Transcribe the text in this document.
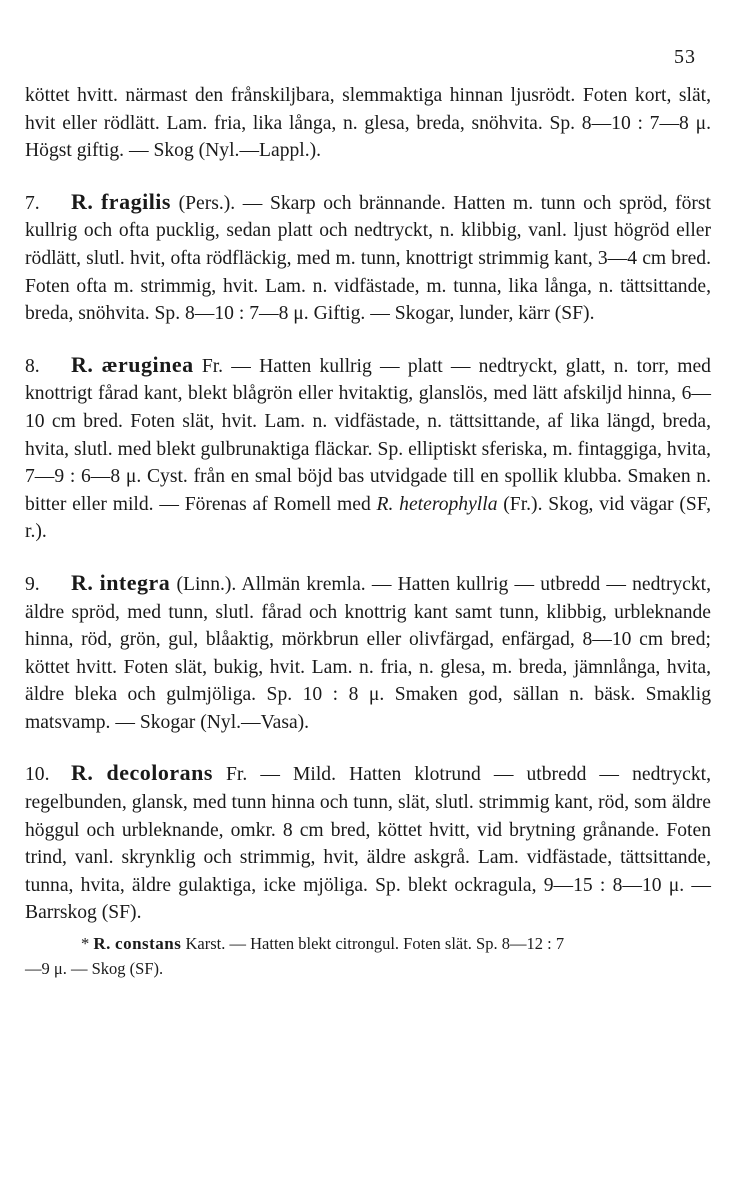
53

köttet hvitt. närmast den frånskiljbara, slemmaktiga hinnan ljusrödt. Foten kort, slät, hvit eller rödlätt. Lam. fria, lika långa, n. glesa, breda, snöhvita. Sp. 8—10 : 7—8 μ. Högst giftig. — Skog (Nyl.—Lappl.).

7. R. fragilis (Pers.). — Skarp och brännande. Hatten m. tunn och spröd, först kullrig och ofta pucklig, sedan platt och nedtryckt, n. klibbig, vanl. ljust högröd eller rödlätt, slutl. hvit, ofta rödfläckig, med m. tunn, knottrigt strimmig kant, 3—4 cm bred. Foten ofta m. strimmig, hvit. Lam. n. vidfästade, m. tunna, lika långa, n. tättsittande, breda, snöhvita. Sp. 8—10 : 7—8 μ. Giftig. — Skogar, lunder, kärr (SF).

8. R. æruginea Fr. — Hatten kullrig — platt — nedtryckt, glatt, n. torr, med knottrigt fårad kant, blekt blågrön eller hvitaktig, glanslös, med lätt afskiljd hinna, 6—10 cm bred. Foten slät, hvit. Lam. n. vidfästade, n. tättsittande, af lika längd, breda, hvita, slutl. med blekt gulbrunaktiga fläckar. Sp. elliptiskt sferiska, m. fintaggiga, hvita, 7—9 : 6—8 μ. Cyst. från en smal böjd bas utvidgade till en spollik klubba. Smaken n. bitter eller mild. — Förenas af Romell med R. heterophylla (Fr.). Skog, vid vägar (SF, r.).

9. R. integra (Linn.). Allmän kremla. — Hatten kullrig — utbredd — nedtryckt, äldre spröd, med tunn, slutl. fårad och knottrig kant samt tunn, klibbig, urbleknande hinna, röd, grön, gul, blåaktig, mörkbrun eller olivfärgad, enfärgad, 8—10 cm bred; köttet hvitt. Foten slät, bukig, hvit. Lam. n. fria, n. glesa, m. breda, jämnlånga, hvita, äldre bleka och gulmjöliga. Sp. 10 : 8 μ. Smaken god, sällan n. bäsk. Smaklig matsvamp. — Skogar (Nyl.—Vasa).

10. R. decolorans Fr. — Mild. Hatten klotrund — utbredd — nedtryckt, regelbunden, glansk, med tunn hinna och tunn, slät, slutl. strimmig kant, röd, som äldre höggul och urbleknande, omkr. 8 cm bred, köttet hvitt, vid brytning grånande. Foten trind, vanl. skrynklig och strimmig, hvit, äldre askgrå. Lam. vidfästade, tättsittande, tunna, hvita, äldre gulaktiga, icke mjöliga. Sp. blekt ockragula, 9—15 : 8—10 μ. — Barrskog (SF).

* R. constans Karst. — Hatten blekt citrongul. Foten slät. Sp. 8—12 : 7
—9 μ. — Skog (SF).
